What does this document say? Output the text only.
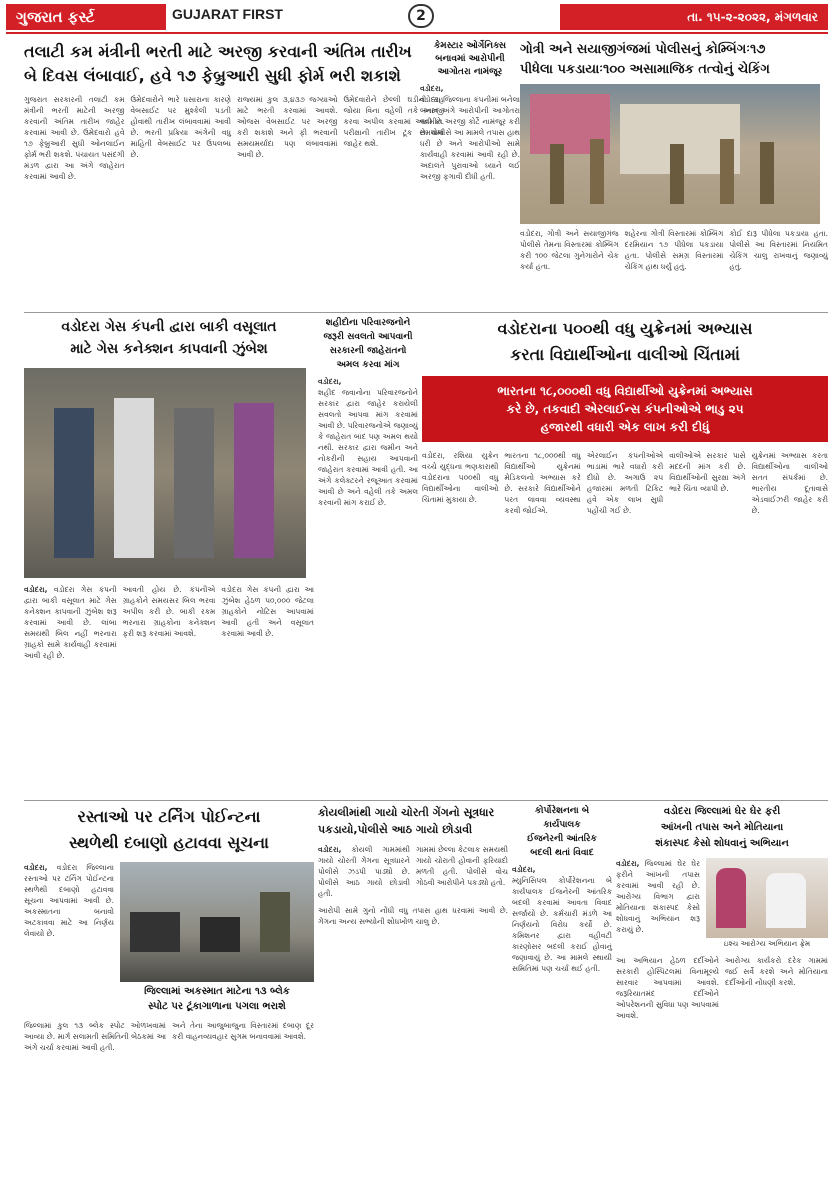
ગુજરાત ફર્સ્ટ	GUJARAT FIRST	2	તા. ૧૫-૨-૨૦૨૨, મંગળવાર
તલાટી કમ મંત્રીની ભરતી માટે અરજી કરવાની અંતિમ તારીખ
બે દિવસ લંબાવાઈ, હવે ૧૭ ફેબ્રુઆરી સુધી ફોર્મ ભરી શકાશે
ગુજરાત સરકારની તલાટી કમ મંત્રીની ભરતી માટેની અરજી કરવાની અંતિમ તારીખ જાહેર કરવામાં આવી છે. ઉમેદવારો હવે ૧૭ ફેબ્રુઆરી સુધી ઓનલાઈન ફોર્મ ભરી શકશે. પંચાયત પસંદગી મંડળ દ્વારા આ અંગે જાહેરાત કરવામાં આવી છે.
ઉમેદવારોને ભારે ધસારાના કારણે વેબસાઈટ પર મુશ્કેલી પડતી હોવાથી તારીખ લંબાવવામાં આવી છે. ભરતી પ્રક્રિયા અંગેની વધુ માહિતી વેબસાઈટ પર ઉપલબ્ધ છે.
રાજ્યમાં કુલ ૩,૪૩૭ જગ્યાઓ માટે ભરતી કરવામાં આવશે. ઓજસ વેબસાઈટ પર અરજી કરી શકાશે અને ફી ભરવાની સમયમર્યાદા પણ લંબાવવામાં આવી છે.
ઉમેદવારોને છેલ્લી ઘડીની રાહ જોયા વિના વહેલી તકે અરજી કરવા અપીલ કરવામાં આવી છે. પરીક્ષાની તારીખ ટૂંક સમયમાં જાહેર થશે.
કેમસ્ટાર ઓર્ગેનિક્સ
બનાવમાં આરોપીની
આગોતરા નામંજૂર
વડોદરા,
વડોદરા જિલ્લાના કંપનીમાં બનેલા બનાવ અંગે આરોપીની આગોતરા જામીન અરજી કોર્ટે નામંજૂર કરી છે. પોલીસે આ મામલે તપાસ હાથ ધરી છે અને આરોપીઓ સામે કાર્યવાહી કરવામાં આવી રહી છે. અદાલતે પુરાવાઓ ધ્યાને લઈ અરજી ફગાવી દીધી હતી.
ગોત્રી અને સયાજીગંજમાં પોલીસનું કોમ્બિંગઃ૧૭
પીધેલા પકડાયાઃ૧૦૦ અસામાજિક તત્વોનું ચેકિંગ
વડોદરા, ગોત્રી અને સયાજીગંજ પોલીસે તેમના વિસ્તારમાં કોમ્બિંગ કરી ૧૦૦ જેટલા ગુનેગારોને ચેક કર્યા હતા.
શહેરના ગોત્રી વિસ્તારમાં કોમ્બિંગ દરમિયાન ૧૭ પીધેલા પકડાયા હતા. પોલીસે સમગ્ર વિસ્તારમાં ચેકિંગ હાથ ધર્યું હતું.
કોઈ દારૂ પીધેલા પકડાયા હતા. પોલીસે આ વિસ્તારમાં નિયમિત ચેકિંગ ચાલુ રાખવાનું જણાવ્યું હતું.
વડોદરા ગેસ કંપની દ્વારા બાકી વસૂલાત
માટે ગેસ કનેક્શન કાપવાની ઝુંબેશ
વડોદરા, વડોદરા ગેસ કંપની દ્વારા બાકી વસૂલાત માટે ગેસ કનેક્શન કાપવાની ઝુંબેશ શરૂ કરવામાં આવી છે. લાંબા સમયથી બિલ નહીં ભરનારા ગ્રાહકો સામે કાર્યવાહી કરવામાં આવી રહી છે.
આવતી હોય છે. કંપનીએ ગ્રાહકોને સમયસર બિલ ભરવા અપીલ કરી છે. બાકી રકમ ભરનારા ગ્રાહકોના કનેક્શન ફરી શરૂ કરવામાં આવશે.
વડોદરા ગેસ કંપની દ્વારા આ ઝુંબેશ હેઠળ ૫૦,૦૦૦ જેટલા ગ્રાહકોને નોટિસ આપવામાં આવી હતી અને વસૂલાત કરવામાં આવી છે.
શહીદોના પરિવારજનોને
જરૂરી સવલતો આપવાની
સરકારની જાહેરાતનો
અમલ કરવા માંગ
વડોદરા,
શહીદ જવાનોના પરિવારજનોને સરકાર દ્વારા જાહેર કરાયેલી સવલતો આપવા માંગ કરવામાં આવી છે. પરિવારજનોએ જણાવ્યું કે જાહેરાત બાદ પણ અમલ થયો નથી. સરકાર દ્વારા જમીન અને નોકરીની સહાય આપવાની જાહેરાત કરવામાં આવી હતી. આ અંગે કલેક્ટરને રજૂઆત કરવામાં આવી છે અને વહેલી તકે અમલ કરવાની માંગ કરાઈ છે.
વડોદરાના ૫૦૦થી વધુ યુક્રેનમાં અભ્યાસ
કરતા વિદ્યાર્થીઓના વાલીઓ ચિંતામાં
ભારતના ૧૮,૦૦૦થી વધુ વિદ્યાર્થીઓ યુક્રેનમાં અભ્યાસ
કરે છે, તકવાદી એરલાઈન્સ કંપનીઓએ ભાડુ ૨૫
હજારથી વધારી એક લાખ કરી દીધું
વડોદરા, રશિયા યુક્રેન વચ્ચે યુદ્ધના ભણકારાથી વડોદરાના ૫૦૦થી વધુ વિદ્યાર્થીઓના વાલીઓ ચિંતામાં મુકાયા છે.
ભારતના ૧૮,૦૦૦થી વધુ વિદ્યાર્થીઓ યુક્રેનમાં મેડિકલનો અભ્યાસ કરે છે. સરકારે વિદ્યાર્થીઓને પરત લાવવા વ્યવસ્થા કરવી જોઈએ.
એરલાઈન કંપનીઓએ ભાડામાં ભારે વધારો કરી દીધો છે. અગાઉ ૨૫ હજારમાં મળતી ટિકિટ હવે એક લાખ સુધી પહોંચી ગઈ છે.
વાલીઓએ સરકાર પાસે મદદની માંગ કરી છે. વિદ્યાર્થીઓની સુરક્ષા અંગે ભારે ચિંતા વ્યાપી છે.
યુક્રેનમાં અભ્યાસ કરતા વિદ્યાર્થીઓના વાલીઓ સતત સંપર્કમાં છે. ભારતીય દૂતાવાસે એડવાઈઝરી જાહેર કરી છે.
રસ્તાઓ પર ટર્નિંગ પોઈન્ટના
સ્થળેથી દબાણો હટાવવા સૂચના
વડોદરા, વડોદરા જિલ્લાના રસ્તાઓ પર ટર્નિંગ પોઈન્ટના સ્થળેથી દબાણો હટાવવા સૂચના આપવામાં આવી છે. અકસ્માતના બનાવો અટકાવવા માટે આ નિર્ણય લેવાયો છે.
જિલ્લામાં અકસ્માત માટેના ૧૩ બ્લેક
સ્પોટ પર ટૂંકાગાળાના પગલા ભરાશે
જિલ્લામાં કુલ ૧૩ બ્લેક સ્પોટ ઓળખવામાં આવ્યા છે. માર્ગ સલામતી સમિતિની બેઠકમાં આ અંગે ચર્ચા કરવામાં આવી હતી.
અને તેના આજુબાજુના વિસ્તારમાં દબાણ દૂર કરી વાહનવ્યવહાર સુગમ બનાવવામાં આવશે.
કોયલીમાંથી ગાયો ચોરતી ગેંગનો સૂત્રધાર
પકડાયો,પોલીસે આઠ ગાયો છોડાવી
વડોદરા, કોયલી ગામમાંથી ગાયો ચોરતી ગેંગના સૂત્રધારને પોલીસે ઝડપી પાડ્યો છે. પોલીસે આઠ ગાયો છોડાવી હતી.
ગામમાં છેલ્લા કેટલાક સમયથી ગાયો ચોરાતી હોવાની ફરિયાદો મળતી હતી. પોલીસે વોચ ગોઠવી આરોપીને પકડ્યો હતો.
આરોપી સામે ગુનો નોંધી વધુ તપાસ હાથ ધરવામાં આવી છે. ગેંગના અન્ય સભ્યોની શોધખોળ ચાલુ છે.
કોર્પોરેશનના બે
કાર્યપાલક
ઈજનેરની આંતરિક
બદલી થતાં વિવાદ
વડોદરા,
મ્યુનિસિપલ કોર્પોરેશનના બે કાર્યપાલક ઈજનેરની આંતરિક બદલી કરવામાં આવતા વિવાદ સર્જાયો છે. કર્મચારી મંડળે આ નિર્ણયનો વિરોધ કર્યો છે. કમિશનર દ્વારા વહીવટી કારણોસર બદલી કરાઈ હોવાનું જણાવાયું છે. આ મામલે સ્થાયી સમિતિમાં પણ ચર્ચા થઈ હતી.
વડોદરા જિલ્લામાં ઘેર ઘેર ફરી
આંખની તપાસ અને મોતિયાના
શંકાસ્પદ કેસો શોધવાનું અભિયાન
વડોદરા, જિલ્લામાં ઘેર ઘેર ફરીને આંખની તપાસ કરવામાં આવી રહી છે. આરોગ્ય વિભાગ દ્વારા મોતિયાના શંકાસ્પદ કેસો શોધવાનું અભિયાન શરૂ કરાયું છે.
ઇશ્ચ આરોગ્ય અભિયાન ફ્રેમ
આ અભિયાન હેઠળ દર્દીઓને સરકારી હોસ્પિટલમાં વિનામૂલ્યે સારવાર આપવામાં આવશે. જરૂરિયાતમંદ દર્દીઓને ઓપરેશનની સુવિધા પણ આપવામાં આવશે.
આરોગ્ય કાર્યકરો દરેક ગામમાં જઈ સર્વે કરશે અને મોતિયાના દર્દીઓની નોંધણી કરશે.
